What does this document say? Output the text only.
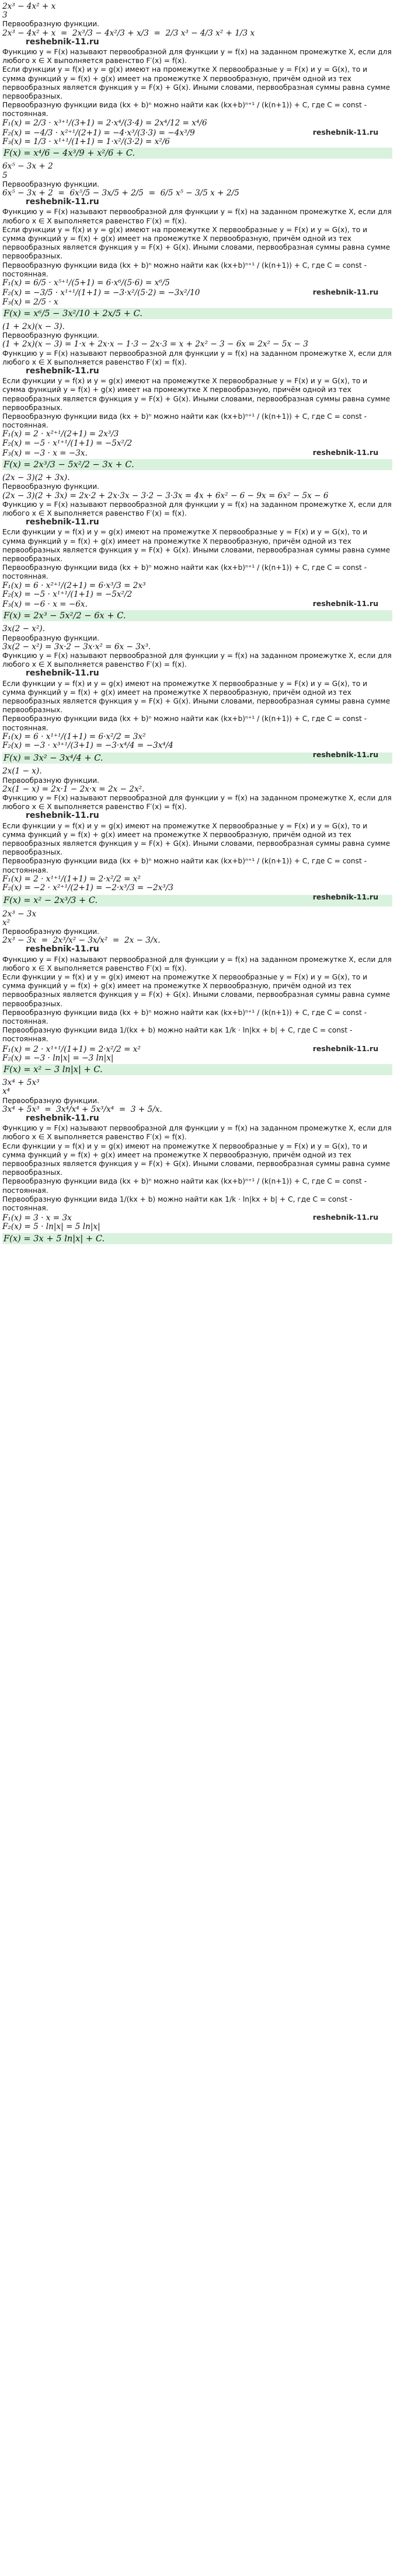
2x³ − 4x² + x
3
Первообразную функции.
2x³ − 4x² + x  =  2x³/3 − 4x²/3 + x/3  =  2/3 x³ − 4/3 x² + 1/3 x
reshebnik-11.ru
Функцию y = F(x) называют первообразной для функции y = f(x) на заданном промежутке X, если для любого x ∈ X выполняется равенство F′(x) = f(x).
Если функции y = f(x) и y = g(x) имеют на промежутке X первообразные y = F(x) и y = G(x), то и сумма функций y = f(x) + g(x) имеет на промежутке X первообразную, причём одной из тех первообразных является функция y = F(x) + G(x). Иными словами, первообразная суммы равна сумме первообразных.
Первообразную функции вида (kx + b)ⁿ можно найти как (kx+b)ⁿ⁺¹ / (k(n+1)) + C, где C = const - постоянная.
F₁(x) = 2/3 · x³⁺¹/(3+1) = 2·x⁴/(3·4) = 2x⁴/12 = x⁴/6
reshebnik-11.ru
F₂(x) = −4/3 · x²⁺¹/(2+1) = −4·x³/(3·3) = −4x³/9
F₃(x) = 1/3 · x¹⁺¹/(1+1) = 1·x²/(3·2) = x²/6
F(x) = x⁴/6 − 4x³/9 + x²/6 + C.
6x⁵ − 3x + 2
5
Первообразную функции.
6x⁵ − 3x + 2  =  6x⁵/5 − 3x/5 + 2/5  =  6/5 x⁵ − 3/5 x + 2/5
reshebnik-11.ru
Функцию y = F(x) называют первообразной для функции y = f(x) на заданном промежутке X, если для любого x ∈ X выполняется равенство F′(x) = f(x).
Если функции y = f(x) и y = g(x) имеют на промежутке X первообразные y = F(x) и y = G(x), то и сумма функций y = f(x) + g(x) имеет на промежутке X первообразную, причём одной из тех первообразных является функция y = F(x) + G(x). Иными словами, первообразная суммы равна сумме первообразных.
Первообразную функции вида (kx + b)ⁿ можно найти как (kx+b)ⁿ⁺¹ / (k(n+1)) + C, где C = const - постоянная.
F₁(x) = 6/5 · x⁵⁺¹/(5+1) = 6·x⁶/(5·6) = x⁶/5
reshebnik-11.ru
F₂(x) = −3/5 · x¹⁺¹/(1+1) = −3·x²/(5·2) = −3x²/10
F₃(x) = 2/5 · x
F(x) = x⁶/5 − 3x²/10 + 2x/5 + C.
(1 + 2x)(x − 3).
Первообразную функции.
(1 + 2x)(x − 3) = 1·x + 2x·x − 1·3 − 2x·3 = x + 2x² − 3 − 6x = 2x² − 5x − 3
Функцию y = F(x) называют первообразной для функции y = f(x) на заданном промежутке X, если для любого x ∈ X выполняется равенство F′(x) = f(x).
reshebnik-11.ru
Если функции y = f(x) и y = g(x) имеют на промежутке X первообразные y = F(x) и y = G(x), то и сумма функций y = f(x) + g(x) имеет на промежутке X первообразную, причём одной из тех первообразных является функция y = F(x) + G(x). Иными словами, первообразная суммы равна сумме первообразных.
Первообразную функции вида (kx + b)ⁿ можно найти как (kx+b)ⁿ⁺¹ / (k(n+1)) + C, где C = const - постоянная.
F₁(x) = 2 · x²⁺¹/(2+1) = 2x³/3
F₂(x) = −5 · x¹⁺¹/(1+1) = −5x²/2
reshebnik-11.ru
F₃(x) = −3 · x = −3x.
F(x) = 2x³/3 − 5x²/2 − 3x + C.
(2x − 3)(2 + 3x).
Первообразную функции.
(2x − 3)(2 + 3x) = 2x·2 + 2x·3x − 3·2 − 3·3x = 4x + 6x² − 6 − 9x = 6x² − 5x − 6
Функцию y = F(x) называют первообразной для функции y = f(x) на заданном промежутке X, если для любого x ∈ X выполняется равенство F′(x) = f(x).
reshebnik-11.ru
Если функции y = f(x) и y = g(x) имеют на промежутке X первообразные y = F(x) и y = G(x), то и сумма функций y = f(x) + g(x) имеет на промежутке X первообразную, причём одной из тех первообразных является функция y = F(x) + G(x). Иными словами, первообразная суммы равна сумме первообразных.
Первообразную функции вида (kx + b)ⁿ можно найти как (kx+b)ⁿ⁺¹ / (k(n+1)) + C, где C = const - постоянная.
F₁(x) = 6 · x²⁺¹/(2+1) = 6·x³/3 = 2x³
F₂(x) = −5 · x¹⁺¹/(1+1) = −5x²/2
reshebnik-11.ru
F₃(x) = −6 · x = −6x.
F(x) = 2x³ − 5x²/2 − 6x + C.
3x(2 − x²).
Первообразную функции.
3x(2 − x²) = 3x·2 − 3x·x² = 6x − 3x³.
Функцию y = F(x) называют первообразной для функции y = f(x) на заданном промежутке X, если для любого x ∈ X выполняется равенство F′(x) = f(x).
reshebnik-11.ru
Если функции y = f(x) и y = g(x) имеют на промежутке X первообразные y = F(x) и y = G(x), то и сумма функций y = f(x) + g(x) имеет на промежутке X первообразную, причём одной из тех первообразных является функция y = F(x) + G(x). Иными словами, первообразная суммы равна сумме первообразных.
Первообразную функции вида (kx + b)ⁿ можно найти как (kx+b)ⁿ⁺¹ / (k(n+1)) + C, где C = const - постоянная.
F₁(x) = 6 · x¹⁺¹/(1+1) = 6·x²/2 = 3x²
F₂(x) = −3 · x³⁺¹/(3+1) = −3·x⁴/4 = −3x⁴/4
reshebnik-11.ru
F(x) = 3x² − 3x⁴/4 + C.
2x(1 − x).
Первообразную функции.
2x(1 − x) = 2x·1 − 2x·x = 2x − 2x².
Функцию y = F(x) называют первообразной для функции y = f(x) на заданном промежутке X, если для любого x ∈ X выполняется равенство F′(x) = f(x).
reshebnik-11.ru
Если функции y = f(x) и y = g(x) имеют на промежутке X первообразные y = F(x) и y = G(x), то и сумма функций y = f(x) + g(x) имеет на промежутке X первообразную, причём одной из тех первообразных является функция y = F(x) + G(x). Иными словами, первообразная суммы равна сумме первообразных.
Первообразную функции вида (kx + b)ⁿ можно найти как (kx+b)ⁿ⁺¹ / (k(n+1)) + C, где C = const - постоянная.
F₁(x) = 2 · x¹⁺¹/(1+1) = 2·x²/2 = x²
F₂(x) = −2 · x²⁺¹/(2+1) = −2·x³/3 = −2x³/3
reshebnik-11.ru
F(x) = x² − 2x³/3 + C.
2x³ − 3x
x²
Первообразную функции.
2x³ − 3x  =  2x³/x² − 3x/x²  =  2x − 3/x.
reshebnik-11.ru
Функцию y = F(x) называют первообразной для функции y = f(x) на заданном промежутке X, если для любого x ∈ X выполняется равенство F′(x) = f(x).
Если функции y = f(x) и y = g(x) имеют на промежутке X первообразные y = F(x) и y = G(x), то и сумма функций y = f(x) + g(x) имеет на промежутке X первообразную, причём одной из тех первообразных является функция y = F(x) + G(x). Иными словами, первообразная суммы равна сумме первообразных.
Первообразную функции вида (kx + b)ⁿ можно найти как (kx+b)ⁿ⁺¹ / (k(n+1)) + C, где C = const - постоянная.
Первообразную функции вида 1/(kx + b) можно найти как 1/k · ln|kx + b| + C, где C = const - постоянная.
reshebnik-11.ru
F₁(x) = 2 · x¹⁺¹/(1+1) = 2·x²/2 = x²
F₂(x) = −3 · ln|x| = −3 ln|x|
F(x) = x² − 3 ln|x| + C.
3x⁴ + 5x³
x⁴
Первообразную функции.
3x⁴ + 5x³  =  3x⁴/x⁴ + 5x³/x⁴  =  3 + 5/x.
reshebnik-11.ru
Функцию y = F(x) называют первообразной для функции y = f(x) на заданном промежутке X, если для любого x ∈ X выполняется равенство F′(x) = f(x).
Если функции y = f(x) и y = g(x) имеют на промежутке X первообразные y = F(x) и y = G(x), то и сумма функций y = f(x) + g(x) имеет на промежутке X первообразную, причём одной из тех первообразных является функция y = F(x) + G(x). Иными словами, первообразная суммы равна сумме первообразных.
Первообразную функции вида (kx + b)ⁿ можно найти как (kx+b)ⁿ⁺¹ / (k(n+1)) + C, где C = const - постоянная.
Первообразную функции вида 1/(kx + b) можно найти как 1/k · ln|kx + b| + C, где C = const - постоянная.
reshebnik-11.ru
F₁(x) = 3 · x = 3x
F₂(x) = 5 · ln|x| = 5 ln|x|
F(x) = 3x + 5 ln|x| + C.
